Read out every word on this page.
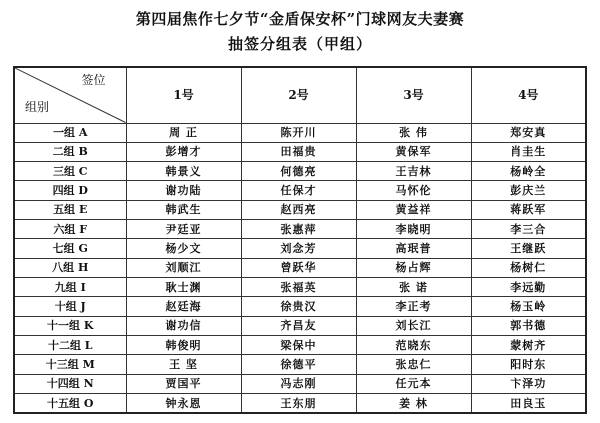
第四届焦作七夕节“金盾保安杯”门球网友夫妻赛
抽签分组表（甲组）
签位
组别	1号	2号	3号	4号
一组 A	周 正	陈开川	张 伟	郑安真
二组 B	彭增才	田福贵	黄保军	肖圭生
三组 C	韩景义	何德亮	王吉林	杨岭全
四组 D	谢功陆	任保才	马怀伦	彭庆兰
五组 E	韩武生	赵西亮	黄益祥	蒋跃军
六组 F	尹廷亚	张惠萍	李晓明	李三合
七组 G	杨少文	刘念芳	高珉普	王继跃
八组 H	刘顺江	曾跃华	杨占辉	杨树仁
九组 I	耿士渊	张福英	张 诺	李远勤
十组 J	赵廷海	徐贵汉	李正考	杨玉岭
十一组 K	谢功信	齐昌友	刘长江	郭书德
十二组 L	韩俊明	梁保中	范晓东	蒙树齐
十三组 M	王 坚	徐德平	张忠仁	阳时东
十四组 N	贾国平	冯志刚	任元本	卞泽功
十五组 O	钟永恩	王东朋	姜 林	田良玉
